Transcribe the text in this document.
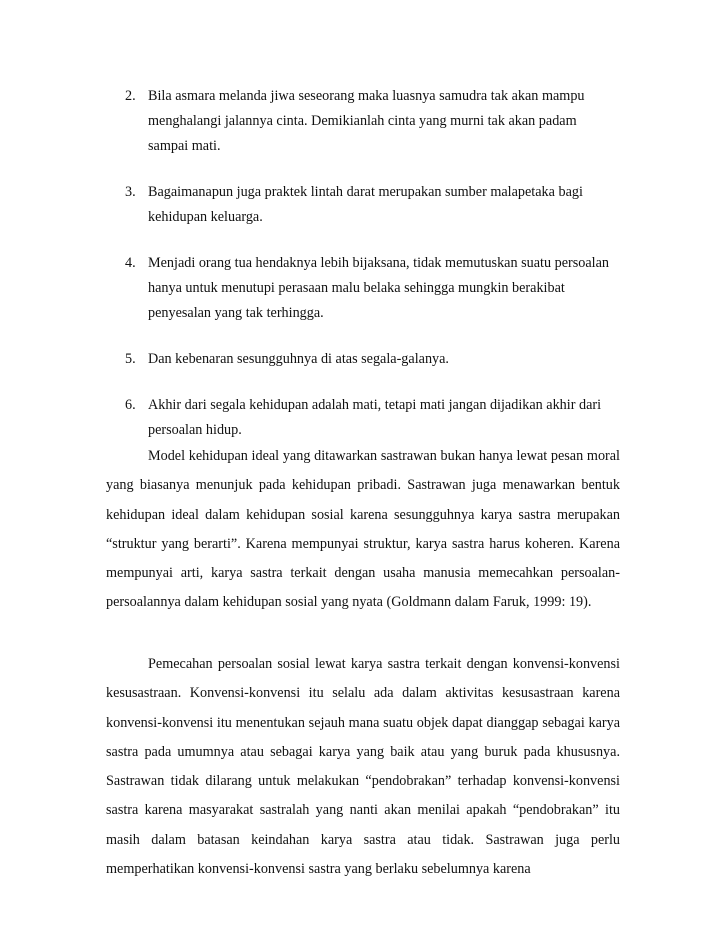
2. Bila asmara melanda jiwa seseorang maka luasnya samudra tak akan mampu
menghalangi jalannya cinta. Demikianlah cinta yang murni tak akan padam
sampai mati.
3. Bagaimanapun juga praktek lintah darat merupakan sumber malapetaka bagi
kehidupan keluarga.
4. Menjadi orang tua hendaknya lebih bijaksana, tidak memutuskan suatu persoalan
hanya untuk menutupi perasaan malu belaka sehingga mungkin berakibat
penyesalan yang tak terhingga.
5. Dan kebenaran sesungguhnya di atas segala-galanya.
6. Akhir dari segala kehidupan adalah mati, tetapi mati jangan dijadikan akhir dari
persoalan hidup.

Model kehidupan ideal yang ditawarkan sastrawan bukan hanya lewat pesan moral yang biasanya menunjuk pada kehidupan pribadi. Sastrawan juga menawarkan bentuk kehidupan ideal dalam kehidupan sosial karena sesungguhnya karya sastra merupakan “struktur yang berarti”. Karena mempunyai struktur, karya sastra harus koheren. Karena mempunyai arti, karya sastra terkait dengan usaha manusia memecahkan persoalan-persoalannya dalam kehidupan sosial yang nyata (Goldmann dalam Faruk, 1999: 19).

Pemecahan persoalan sosial lewat karya sastra terkait dengan konvensi-konvensi kesusastraan. Konvensi-konvensi itu selalu ada dalam aktivitas kesusastraan karena konvensi-konvensi itu menentukan sejauh mana suatu objek dapat dianggap sebagai karya sastra pada umumnya atau sebagai karya yang baik atau yang buruk pada khususnya. Sastrawan tidak dilarang untuk melakukan “pendobrakan” terhadap konvensi-konvensi sastra karena masyarakat sastralah yang nanti akan menilai apakah “pendobrakan” itu masih dalam batasan keindahan karya sastra atau tidak. Sastrawan juga perlu memperhatikan konvensi-konvensi sastra yang berlaku sebelumnya karena
